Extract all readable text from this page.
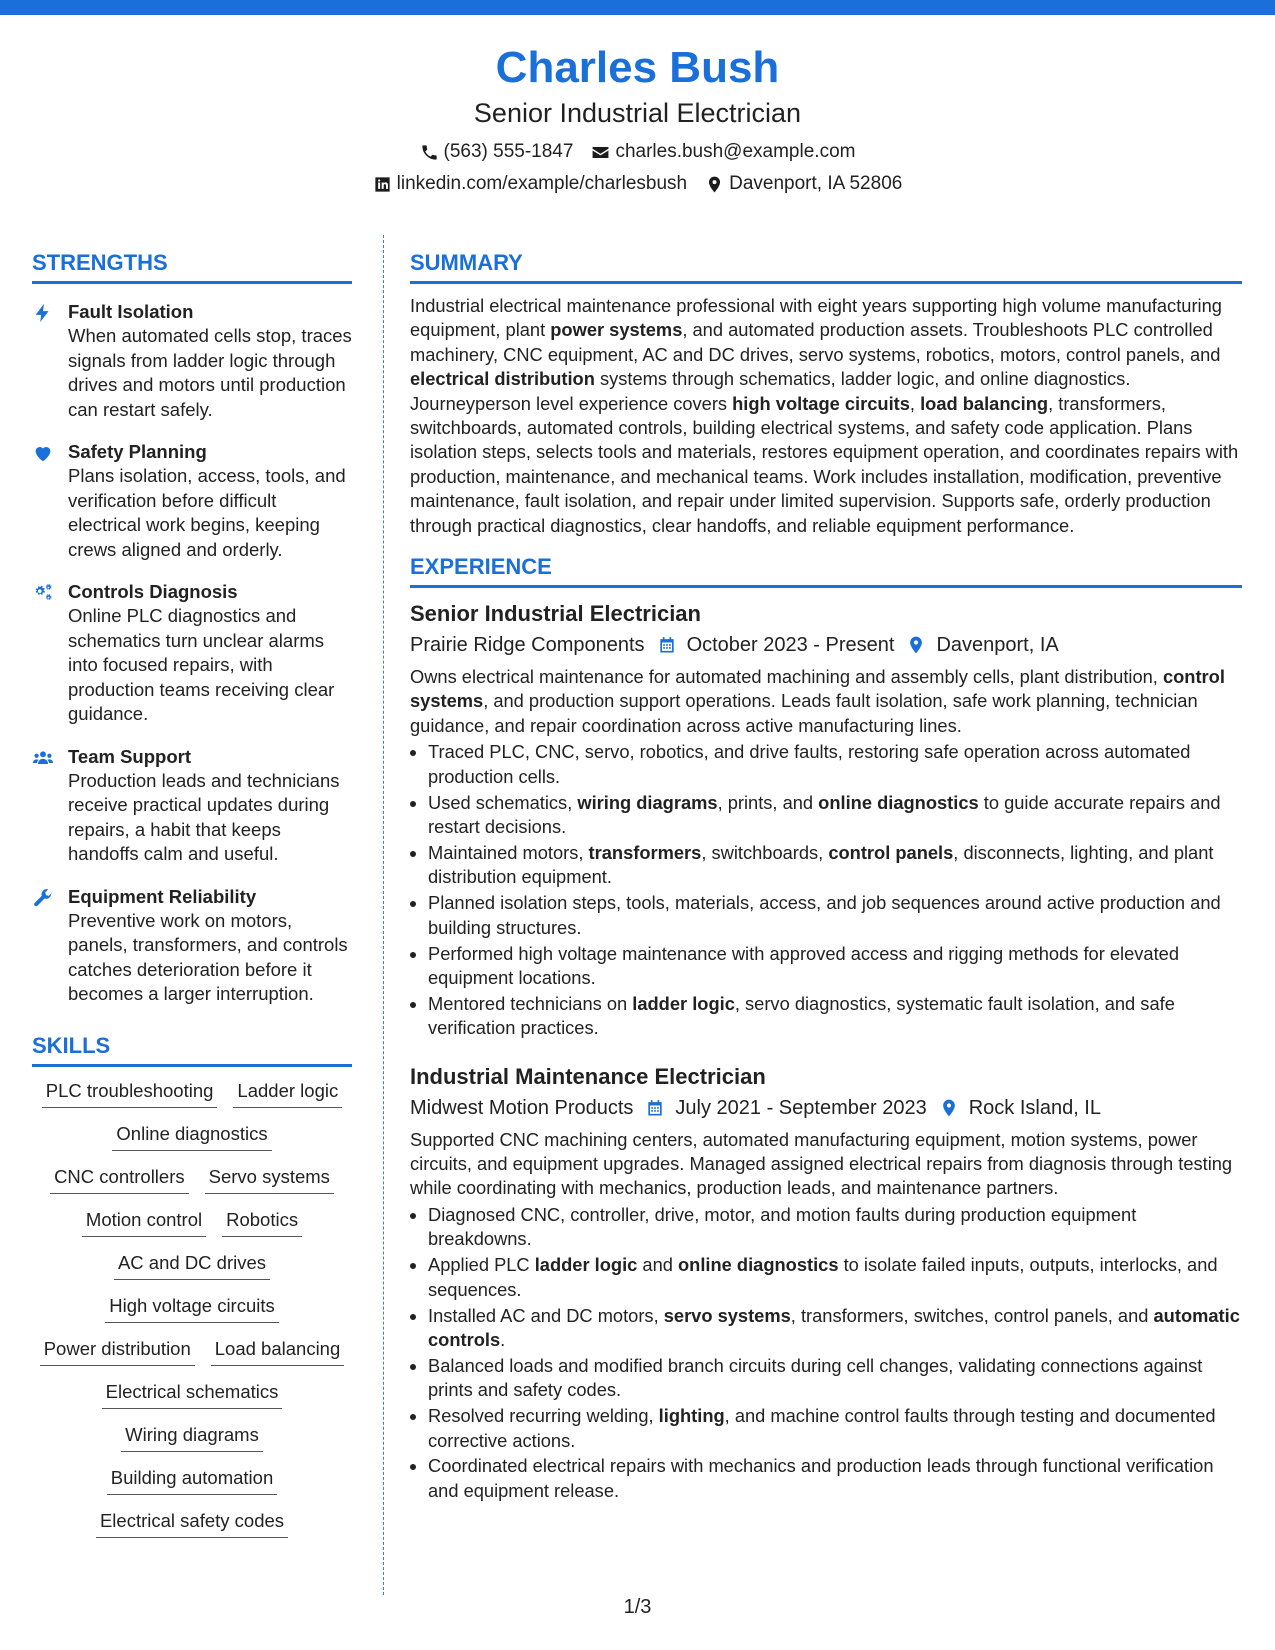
Charles Bush
Senior Industrial Electrician
(563) 555-1847 charles.bush@example.com
linkedin.com/example/charlesbush Davenport, IA 52806
STRENGTHS
Fault Isolation
When automated cells stop, traces signals from ladder logic through drives and motors until production can restart safely.
Safety Planning
Plans isolation, access, tools, and verification before difficult electrical work begins, keeping crews aligned and orderly.
Controls Diagnosis
Online PLC diagnostics and schematics turn unclear alarms into focused repairs, with production teams receiving clear guidance.
Team Support
Production leads and technicians receive practical updates during repairs, a habit that keeps handoffs calm and useful.
Equipment Reliability
Preventive work on motors, panels, transformers, and controls catches deterioration before it becomes a larger interruption.
SKILLS
PLC troubleshooting Ladder logic
Online diagnostics
CNC controllers Servo systems
Motion control Robotics
AC and DC drives
High voltage circuits
Power distribution Load balancing
Electrical schematics
Wiring diagrams
Building automation
Electrical safety codes
SUMMARY
Industrial electrical maintenance professional with eight years supporting high volume manufacturing equipment, plant power systems, and automated production assets. Troubleshoots PLC controlled machinery, CNC equipment, AC and DC drives, servo systems, robotics, motors, control panels, and electrical distribution systems through schematics, ladder logic, and online diagnostics. Journeyperson level experience covers high voltage circuits, load balancing, transformers, switchboards, automated controls, building electrical systems, and safety code application. Plans isolation steps, selects tools and materials, restores equipment operation, and coordinates repairs with production, maintenance, and mechanical teams. Work includes installation, modification, preventive maintenance, fault isolation, and repair under limited supervision. Supports safe, orderly production through practical diagnostics, clear handoffs, and reliable equipment performance.
EXPERIENCE
Senior Industrial Electrician
Prairie Ridge Components October 2023 - Present Davenport, IA
Owns electrical maintenance for automated machining and assembly cells, plant distribution, control systems, and production support operations. Leads fault isolation, safe work planning, technician guidance, and repair coordination across active manufacturing lines.
• Traced PLC, CNC, servo, robotics, and drive faults, restoring safe operation across automated production cells.
• Used schematics, wiring diagrams, prints, and online diagnostics to guide accurate repairs and restart decisions.
• Maintained motors, transformers, switchboards, control panels, disconnects, lighting, and plant distribution equipment.
• Planned isolation steps, tools, materials, access, and job sequences around active production and building structures.
• Performed high voltage maintenance with approved access and rigging methods for elevated equipment locations.
• Mentored technicians on ladder logic, servo diagnostics, systematic fault isolation, and safe verification practices.
Industrial Maintenance Electrician
Midwest Motion Products July 2021 - September 2023 Rock Island, IL
Supported CNC machining centers, automated manufacturing equipment, motion systems, power circuits, and equipment upgrades. Managed assigned electrical repairs from diagnosis through testing while coordinating with mechanics, production leads, and maintenance partners.
• Diagnosed CNC, controller, drive, motor, and motion faults during production equipment breakdowns.
• Applied PLC ladder logic and online diagnostics to isolate failed inputs, outputs, interlocks, and sequences.
• Installed AC and DC motors, servo systems, transformers, switches, control panels, and automatic controls.
• Balanced loads and modified branch circuits during cell changes, validating connections against prints and safety codes.
• Resolved recurring welding, lighting, and machine control faults through testing and documented corrective actions.
• Coordinated electrical repairs with mechanics and production leads through functional verification and equipment release.
1/3
